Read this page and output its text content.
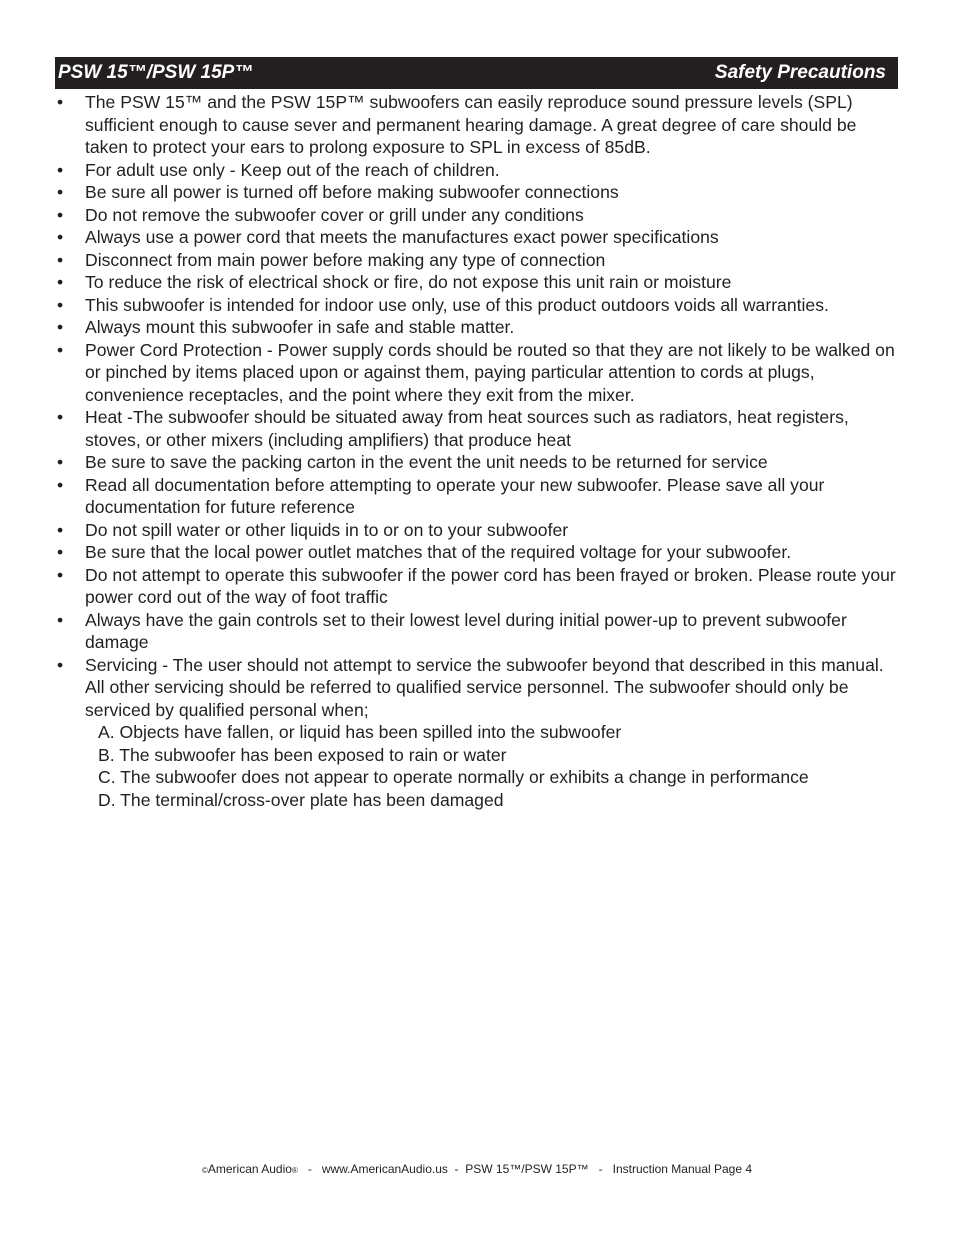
PSW 15™/PSW 15P™	Safety Precautions
•	The PSW 15™ and the PSW 15P™ subwoofers can easily reproduce sound pressure levels (SPL) sufficient enough to cause sever and permanent hearing damage. A great degree of care should be taken to protect your ears to prolong exposure to SPL in excess of 85dB.
•	For adult use only - Keep out of the reach of children.
•	Be sure all power is turned off before making subwoofer connections
•	Do not remove the subwoofer cover or grill under any conditions
•	Always use a power cord that meets the manufactures exact power specifications
•	Disconnect from main power before making any type of connection
•	To reduce the risk of electrical shock or fire, do not expose this unit rain or moisture
•	This subwoofer is intended for indoor use only, use of this product outdoors voids all warranties.
•	Always mount this subwoofer in safe and stable matter.
•	Power Cord Protection - Power supply cords should be routed so that they are not likely to be walked on or pinched by items placed upon or against them, paying particular attention to cords at plugs, convenience receptacles, and the point where they exit from the mixer.
•	Heat -The subwoofer should be situated away from heat sources such as radiators, heat registers, stoves, or other mixers (including amplifiers) that produce heat
•	Be sure to save the packing carton in the event the unit needs to be returned for service
•	Read all documentation before attempting to operate your new subwoofer. Please save all your documentation for future reference
•	Do not spill water or other liquids in to or on to your subwoofer
•	Be sure that the local power outlet matches that of the required voltage for your subwoofer.
•	Do not attempt to operate this subwoofer if the power cord has been frayed or broken. Please route your power cord out of the way of foot traffic
•	Always have the gain controls set to their lowest level during initial power-up to prevent subwoofer damage
•	Servicing - The user should not attempt to service the subwoofer beyond that described in this manual. All other servicing should be referred to qualified service personnel. The subwoofer should only be serviced by qualified personal when;
A. Objects have fallen, or liquid has been spilled into the subwoofer
B. The subwoofer has been exposed to rain or water
C. The subwoofer does not appear to operate normally or exhibits a change in performance
D. The terminal/cross-over plate has been damaged
©American Audio®   -   www.AmericanAudio.us  -  PSW 15™/PSW 15P™   -   Instruction Manual Page 4
